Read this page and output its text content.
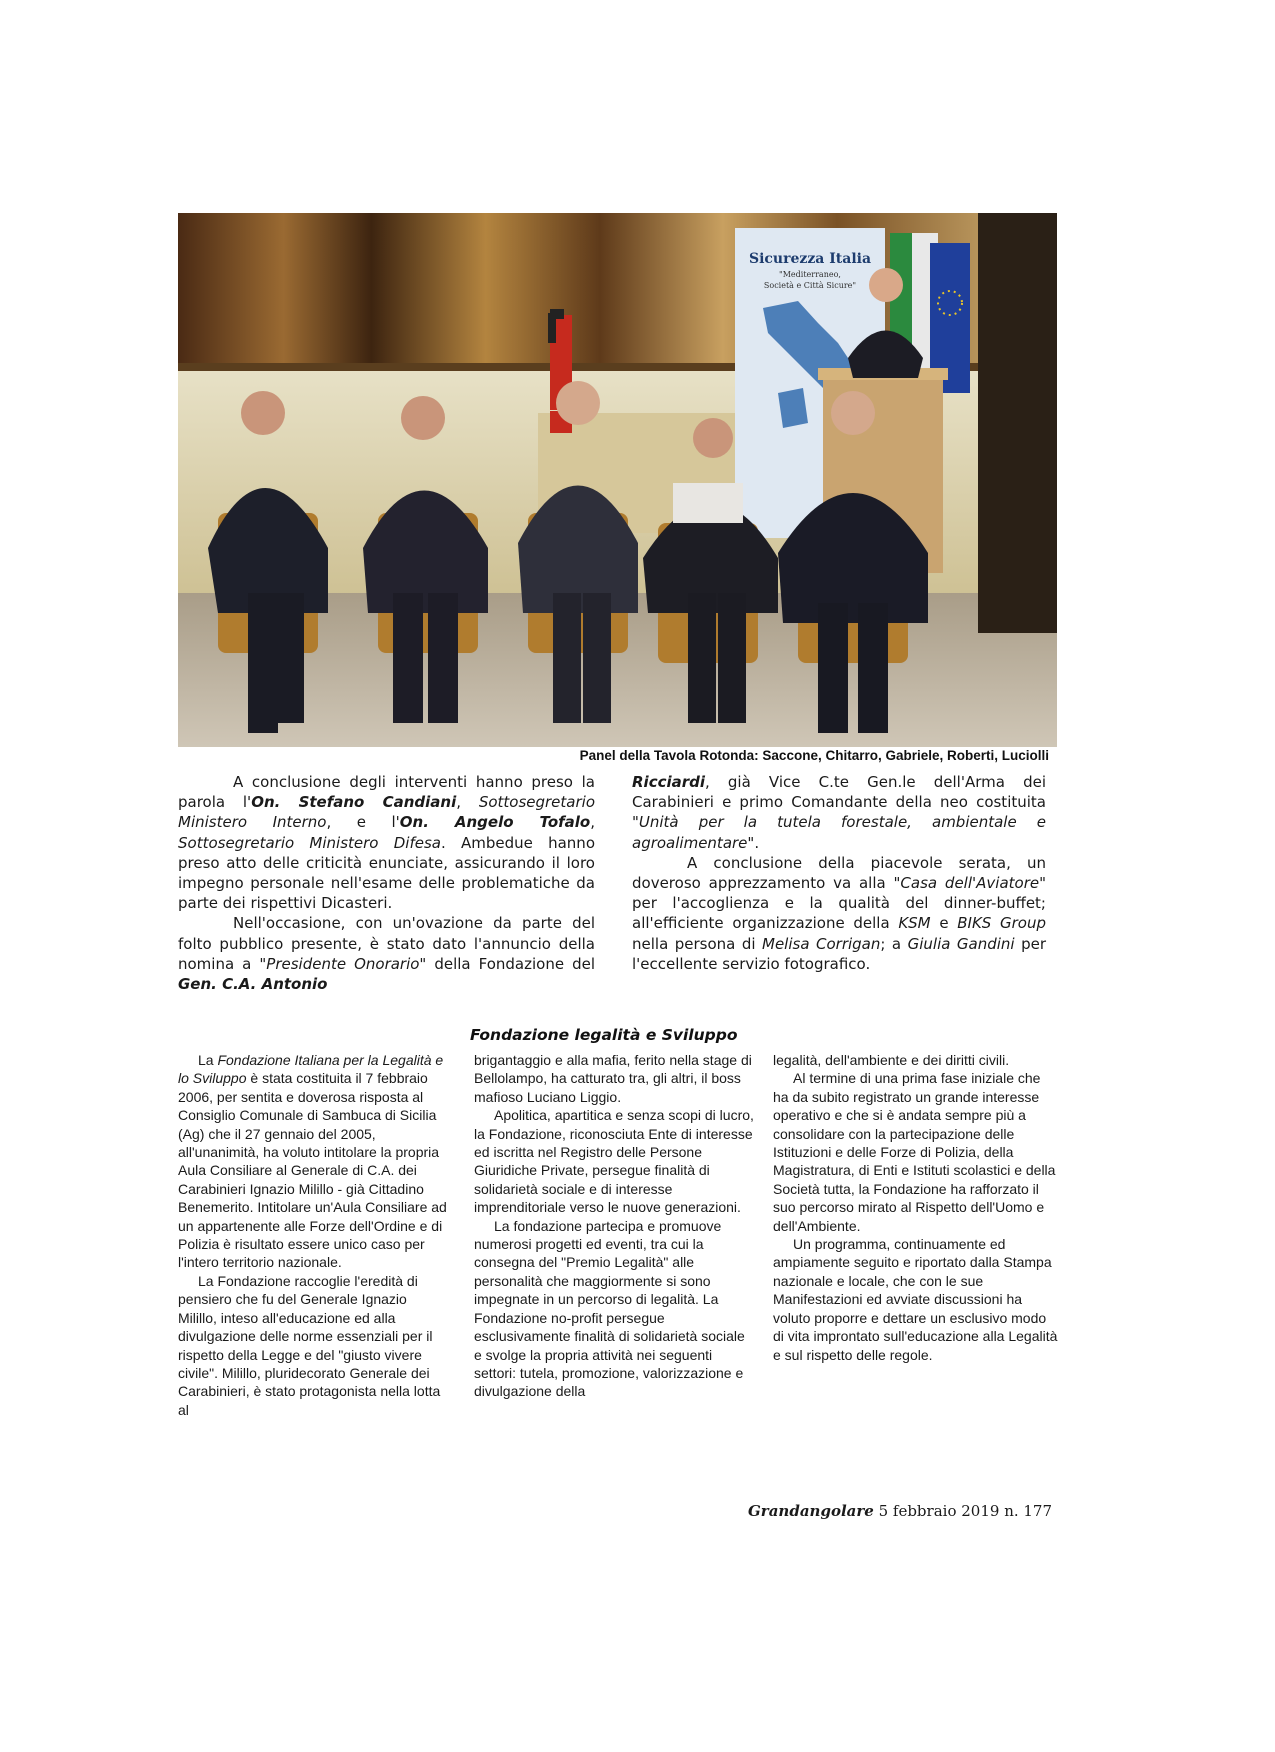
Sicurezza Italia
"Mediterraneo,
Società e Città Sicure"
Panel della Tavola Rotonda: Saccone, Chitarro, Gabriele, Roberti, Luciolli

A conclusione degli interventi hanno preso la parola l'On. Stefano Candiani, Sottosegretario Ministero Interno, e l'On. Angelo Tofalo, Sottosegretario Ministero Difesa. Ambedue hanno preso atto delle criticità enunciate, assicurando il loro impegno personale nell'esame delle problematiche da parte dei rispettivi Dicasteri.

Nell'occasione, con un'ovazione da parte del folto pubblico presente, è stato dato l'annuncio della nomina a "Presidente Onorario" della Fondazione del Gen. C.A. Antonio

Ricciardi, già Vice C.te Gen.le dell'Arma dei Carabinieri e primo Comandante della neo costituita "Unità per la tutela forestale, ambientale e agroalimentare".

A conclusione della piacevole serata, un doveroso apprezzamento va alla "Casa dell'Aviatore" per l'accoglienza e la qualità del dinner-buffet; all'efficiente organizzazione della KSM e BIKS Group nella persona di Melisa Corrigan; a Giulia Gandini per l'eccellente servizio fotografico.

Fondazione legalità e Sviluppo

La Fondazione Italiana per la Legalità e lo Sviluppo è stata costituita il 7 febbraio 2006, per sentita e doverosa risposta al Consiglio Comunale di Sambuca di Sicilia (Ag) che il 27 gennaio del 2005, all'unanimità, ha voluto intitolare la propria Aula Consiliare al Generale di C.A. dei Carabinieri Ignazio Milillo - già Cittadino Benemerito. Intitolare un'Aula Consiliare ad un appartenente alle Forze dell'Ordine e di Polizia è risultato essere unico caso per l'intero territorio nazionale.

La Fondazione raccoglie l'eredità di pensiero che fu del Generale Ignazio Milillo, inteso all'educazione ed alla divulgazione delle norme essenziali per il rispetto della Legge e del "giusto vivere civile". Milillo, pluridecorato Generale dei Carabinieri, è stato protagonista nella lotta al

brigantaggio e alla mafia, ferito nella stage di Bellolampo, ha catturato tra, gli altri, il boss mafioso Luciano Liggio.

Apolitica, apartitica e senza scopi di lucro, la Fondazione, riconosciuta Ente di interesse ed iscritta nel Registro delle Persone Giuridiche Private, persegue finalità di solidarietà sociale e di interesse imprenditoriale verso le nuove generazioni.

La fondazione partecipa e promuove numerosi progetti ed eventi, tra cui la consegna del "Premio Legalità" alle personalità che maggiormente si sono impegnate in un percorso di legalità. La Fondazione no-profit persegue esclusivamente finalità di solidarietà sociale e svolge la propria attività nei seguenti settori: tutela, promozione, valorizzazione e divulgazione della

legalità, dell'ambiente e dei diritti civili.

Al termine di una prima fase iniziale che ha da subito registrato un grande interesse operativo e che si è andata sempre più a consolidare con la partecipazione delle Istituzioni e delle Forze di Polizia, della Magistratura, di Enti e Istituti scolastici e della Società tutta, la Fondazione ha rafforzato il suo percorso mirato al Rispetto dell'Uomo e dell'Ambiente.

Un programma, continuamente ed ampiamente seguito e riportato dalla Stampa nazionale e locale, che con le sue Manifestazioni ed avviate discussioni ha voluto proporre e dettare un esclusivo modo di vita improntato sull'educazione alla Legalità e sul rispetto delle regole.

Grandangolare 5 febbraio 2019 n. 177
